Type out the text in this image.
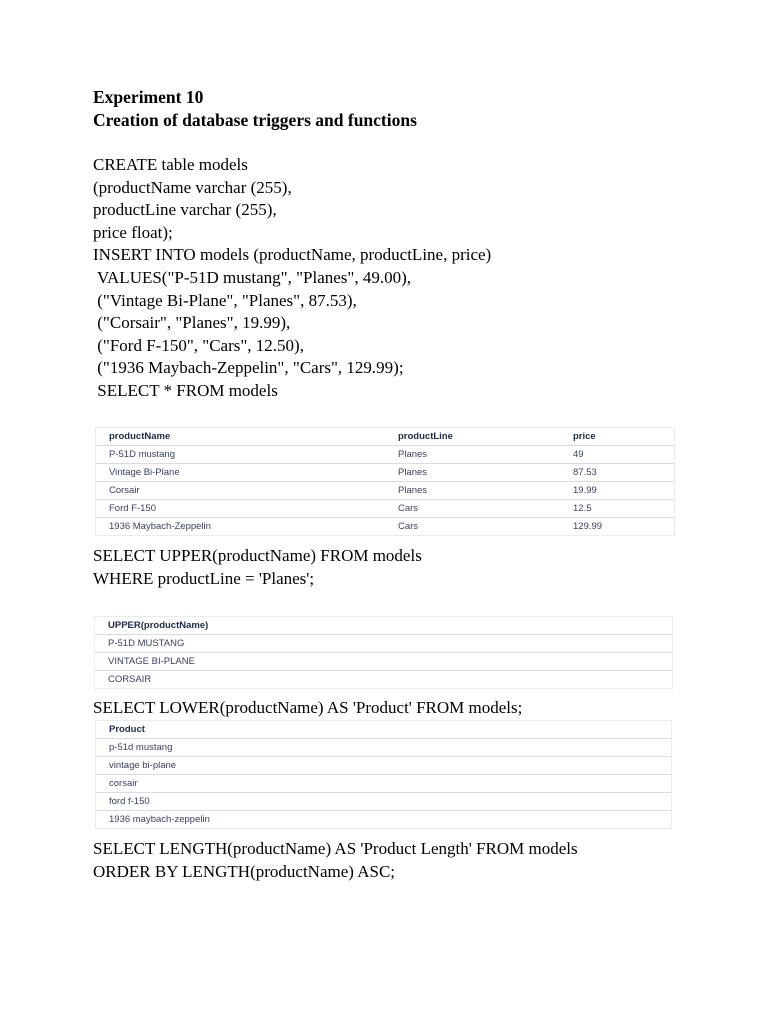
Experiment 10

Creation of database triggers and functions

CREATE table models
(productName varchar (255),
productLine varchar (255),
price float);
INSERT INTO models (productName, productLine, price)
VALUES("P-51D mustang", "Planes", 49.00),
("Vintage Bi-Plane", "Planes", 87.53),
("Corsair", "Planes", 19.99),
("Ford F-150", "Cars", 12.50),
("1936 Maybach-Zeppelin", "Cars", 129.99);
SELECT * FROM models
productName	productLine	price
P-51D mustang	Planes	49
Vintage Bi-Plane	Planes	87.53
Corsair	Planes	19.99
Ford F-150	Cars	12.5
1936 Maybach-Zeppelin	Cars	129.99
SELECT UPPER(productName) FROM models
WHERE productLine = 'Planes';
UPPER(productName)
P-51D MUSTANG
VINTAGE BI-PLANE
CORSAIR
SELECT LOWER(productName) AS 'Product' FROM models;
Product
p-51d mustang
vintage bi-plane
corsair
ford f-150
1936 maybach-zeppelin
SELECT LENGTH(productName) AS 'Product Length' FROM models
ORDER BY LENGTH(productName) ASC;
